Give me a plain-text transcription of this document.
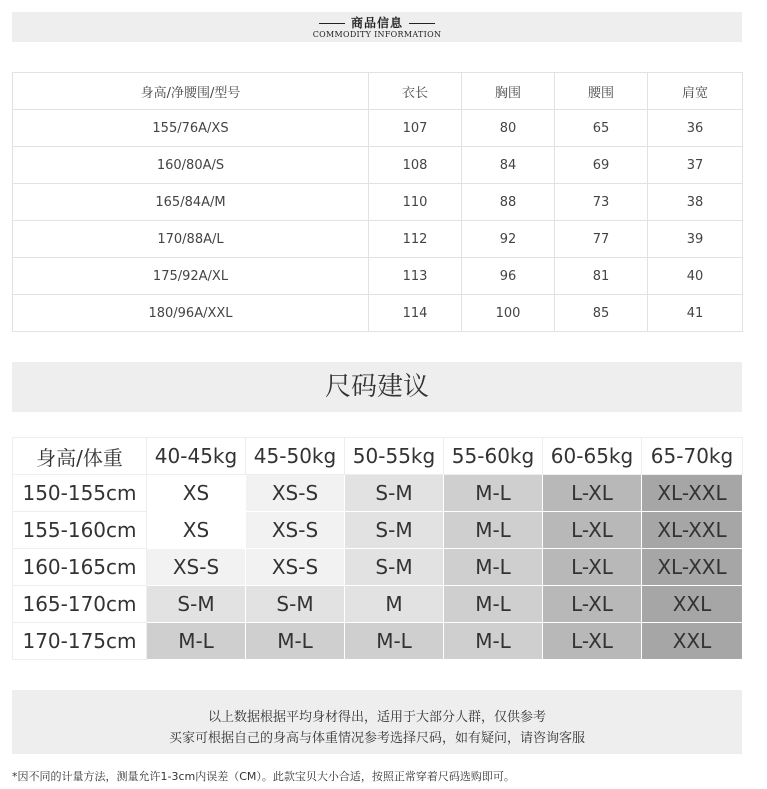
商品信息
COMMODITY INFORMATION
身高/净腰围/型号	衣长	胸围	腰围	肩宽
155/76A/XS	107	80	65	36
160/80A/S	108	84	69	37
165/84A/M	110	88	73	38
170/88A/L	112	92	77	39
175/92A/XL	113	96	81	40
180/96A/XXL	114	100	85	41
尺码建议
身高/体重	40-45kg	45-50kg	50-55kg	55-60kg	60-65kg	65-70kg
150-155cm	XS	XS-S	S-M	M-L	L-XL	XL-XXL
155-160cm	XS	XS-S	S-M	M-L	L-XL	XL-XXL
160-165cm	XS-S	XS-S	S-M	M-L	L-XL	XL-XXL
165-170cm	S-M	S-M	M	M-L	L-XL	XXL
170-175cm	M-L	M-L	M-L	M-L	L-XL	XXL
以上数据根据平均身材得出，适用于大部分人群，仅供参考
买家可根据自己的身高与体重情况参考选择尺码，如有疑问，请咨询客服
*因不同的计量方法，测量允许1-3cm内误差（CM）。此款宝贝大小合适，按照正常穿着尺码选购即可。
